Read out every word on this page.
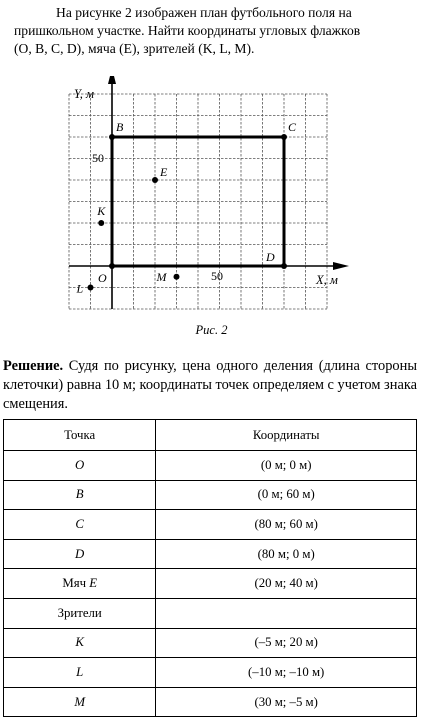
На рисунке 2 изображен план футбольного поля на
пришкольном участке. Найти координаты угловых флажков
(O, B, C, D), мяча (E), зрителей (K, L, M).
O
B	C
D
E
K
L
M
Y, м
X, м
50
50
Рис. 2
Решение. Судя по рисунку, цена одного деления (длина стороны клеточки) равна 10 м; координаты точек определяем с учетом знака смещения.
Точка	Координаты
O	(0 м; 0 м)
B	(0 м; 60 м)
C	(80 м; 60 м)
D	(80 м; 0 м)
Мяч E	(20 м; 40 м)
Зрители	
K	(–5 м; 20 м)
L	(–10 м; –10 м)
M	(30 м; –5 м)
